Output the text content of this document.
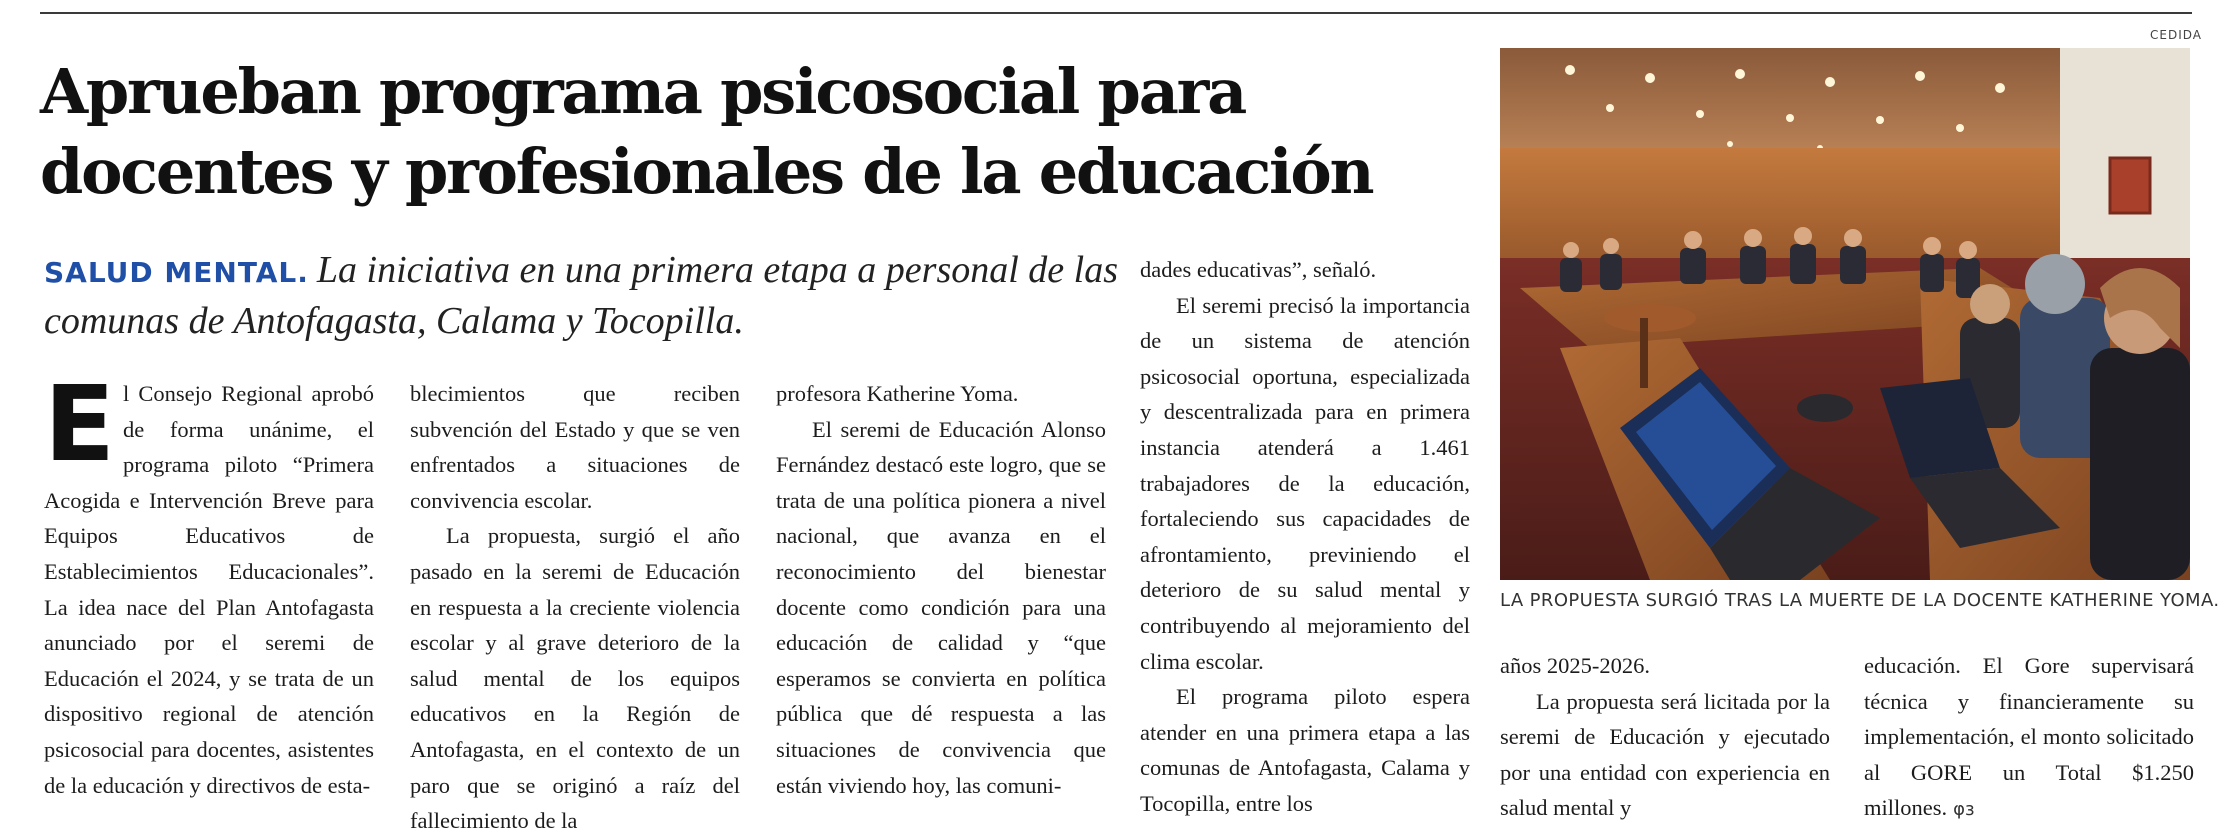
Aprueban programa psicosocial para
docentes y profesionales de la educación
SALUD MENTAL. La iniciativa en una primera etapa a personal de las comunas de Antofagasta, Calama y Tocopilla.

El Consejo Regional aprobó de forma unánime, el programa piloto “Primera Acogida e Intervención Breve para Equipos Educativos de Establecimientos Educacionales”. La idea nace del Plan Antofagasta anunciado por el seremi de Educación el 2024, y se trata de un dispositivo regional de atención psicosocial para docentes, asistentes de la educación y directivos de esta-

blecimientos que reciben subvención del Estado y que se ven enfrentados a situaciones de convivencia escolar.

La propuesta, surgió el año pasado en la seremi de Educación en respuesta a la creciente violencia escolar y al grave deterioro de la salud mental de los equipos educativos en la Región de Antofagasta, en el contexto de un paro que se originó a raíz del fallecimiento de la

profesora Katherine Yoma.

El seremi de Educación Alonso Fernández destacó este logro, que se trata de una política pionera a nivel nacional, que avanza en el reconocimiento del bienestar docente como condición para una educación de calidad y “que esperamos se convierta en política pública que dé respuesta a las situaciones de convivencia que están viviendo hoy, las comuni-

dades educativas”, señaló.

El seremi precisó la importancia de un sistema de atención psicosocial oportuna, especializada y descentralizada para en primera instancia atenderá a 1.461 trabajadores de la educación, fortaleciendo sus capacidades de afrontamiento, previniendo el deterioro de su salud mental y contribuyendo al mejoramiento del clima escolar.

El programa piloto espera atender en una primera etapa a las comunas de Antofagasta, Calama y Tocopilla, entre los

años 2025-2026.

La propuesta será licitada por la seremi de Educación y ejecutado por una entidad con experiencia en salud mental y

educación. El Gore supervisará técnica y financieramente su implementación, el monto solicitado al GORE un Total $1.250 millones. φз

CEDIDA
LA PROPUESTA SURGIÓ TRAS LA MUERTE DE LA DOCENTE KATHERINE YOMA.
